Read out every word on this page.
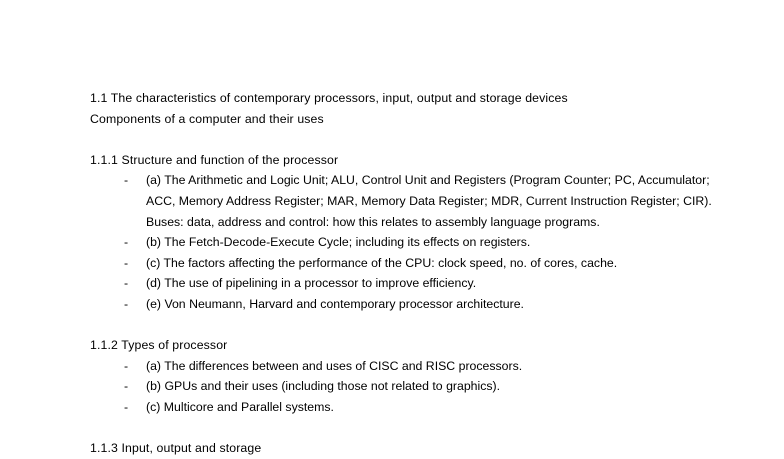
1.1 The characteristics of contemporary processors, input, output and storage devices
Components of a computer and their uses
1.1.1 Structure and function of the processor
-	(a) The Arithmetic and Logic Unit; ALU, Control Unit and Registers (Program Counter; PC, Accumulator; ACC, Memory Address Register; MAR, Memory Data Register; MDR, Current Instruction Register; CIR). Buses: data, address and control: how this relates to assembly language programs.
-	(b) The Fetch-Decode-Execute Cycle; including its effects on registers.
-	(c) The factors affecting the performance of the CPU: clock speed, no. of cores, cache.
-	(d) The use of pipelining in a processor to improve efficiency.
-	(e) Von Neumann, Harvard and contemporary processor architecture.
1.1.2 Types of processor
-	(a) The differences between and uses of CISC and RISC processors.
-	(b) GPUs and their uses (including those not related to graphics).
-	(c) Multicore and Parallel systems.
1.1.3 Input, output and storage
